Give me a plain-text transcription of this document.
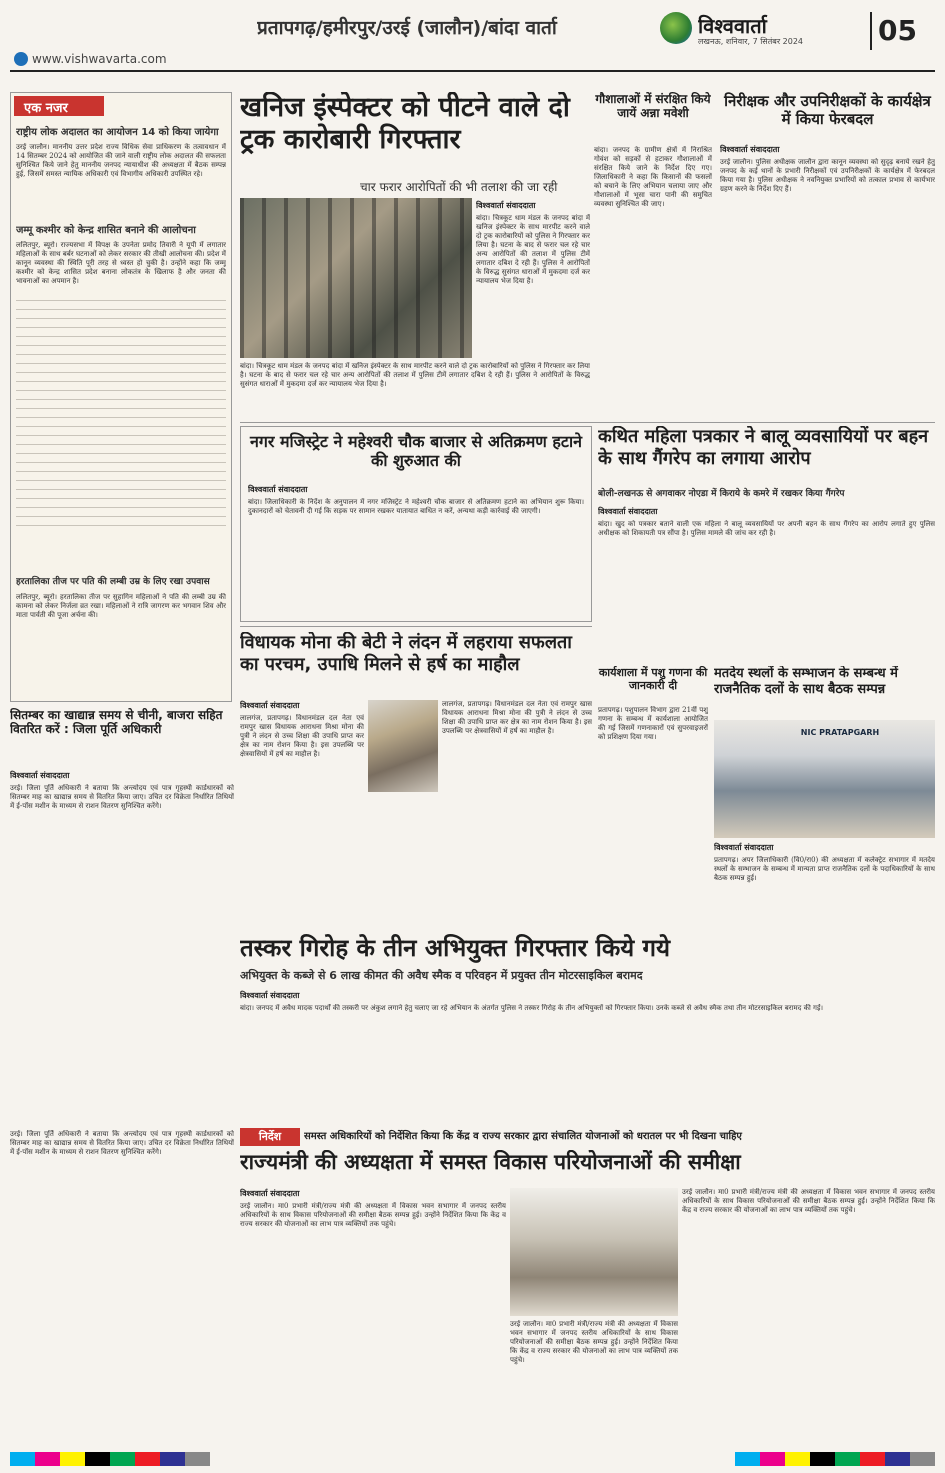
प्रतापगढ़/हमीरपुर/उरई (जालौन)/बांदा वार्ता	विश्ववार्ता
लखनऊ, शनिवार, 7 सितंबर 2024	05
www.vishwavarta.com
एक नजर
राष्ट्रीय लोक अदालत का आयोजन 14 को किया जायेगा
उरई जालौन। माननीय उत्तर प्रदेश राज्य विधिक सेवा प्राधिकरण के तत्वावधान में 14 सितम्बर 2024 को आयोजित की जाने वाली राष्ट्रीय लोक अदालत की सफलता सुनिश्चित किये जाने हेतु माननीय जनपद न्यायाधीश की अध्यक्षता में बैठक सम्पन्न हुई, जिसमें समस्त न्यायिक अधिकारी एवं विभागीय अधिकारी उपस्थित रहे।
जम्मू कश्मीर को केन्द्र शासित बनाने की आलोचना
ललितपुर, ब्यूरो। राज्यसभा में विपक्ष के उपनेता प्रमोद तिवारी ने यूपी में लगातार महिलाओं के साथ बर्बर घटनाओं को लेकर सरकार की तीखी आलोचना की। प्रदेश में कानून व्यवस्था की स्थिति पूरी तरह से ध्वस्त हो चुकी है। उन्होंने कहा कि जम्मू कश्मीर को केन्द्र शासित प्रदेश बनाना लोकतंत्र के खिलाफ है और जनता की भावनाओं का अपमान है।
हरतालिका तीज पर पति की लम्बी उम्र के लिए रखा उपवास
ललितपुर, ब्यूरो। हरतालिका तीज पर सुहागिन महिलाओं ने पति की लम्बी उम्र की कामना को लेकर निर्जला व्रत रखा। महिलाओं ने रात्रि जागरण कर भगवान शिव और माता पार्वती की पूजा अर्चना की।
खनिज इंस्पेक्टर को पीटने वाले दो ट्रक कारोबारी गिरफ्तार
चार फरार आरोपितों की भी तलाश की जा रही
विश्ववार्ता संवाददाता
बांदा। चित्रकूट धाम मंडल के जनपद बांदा में खनिज इंस्पेक्टर के साथ मारपीट करने वाले दो ट्रक कारोबारियों को पुलिस ने गिरफ्तार कर लिया है। घटना के बाद से फरार चल रहे चार अन्य आरोपितों की तलाश में पुलिस टीमें लगातार दबिश दे रही हैं। पुलिस ने आरोपितों के विरुद्ध सुसंगत धाराओं में मुकदमा दर्ज कर न्यायालय भेज दिया है।
बांदा। चित्रकूट धाम मंडल के जनपद बांदा में खनिज इंस्पेक्टर के साथ मारपीट करने वाले दो ट्रक कारोबारियों को पुलिस ने गिरफ्तार कर लिया है। घटना के बाद से फरार चल रहे चार अन्य आरोपितों की तलाश में पुलिस टीमें लगातार दबिश दे रही हैं। पुलिस ने आरोपितों के विरुद्ध सुसंगत धाराओं में मुकदमा दर्ज कर न्यायालय भेज दिया है।
गौशालाओं में संरक्षित किये जायें अन्ना मवेशी
बांदा। जनपद के ग्रामीण क्षेत्रों में निराश्रित गोवंश को सड़कों से हटाकर गौशालाओं में संरक्षित किये जाने के निर्देश दिए गए। जिलाधिकारी ने कहा कि किसानों की फसलों को बचाने के लिए अभियान चलाया जाए और गौशालाओं में भूसा चारा पानी की समुचित व्यवस्था सुनिश्चित की जाए।
निरीक्षक और उपनिरीक्षकों के कार्यक्षेत्र में किया फेरबदल
विश्ववार्ता संवाददाता
उरई जालौन। पुलिस अधीक्षक जालौन द्वारा कानून व्यवस्था को सुदृढ़ बनाये रखने हेतु जनपद के कई थानों के प्रभारी निरीक्षकों एवं उपनिरीक्षकों के कार्यक्षेत्र में फेरबदल किया गया है। पुलिस अधीक्षक ने नवनियुक्त प्रभारियों को तत्काल प्रभाव से कार्यभार ग्रहण करने के निर्देश दिए हैं।
नगर मजिस्ट्रेट ने महेश्वरी चौक बाजार से अतिक्रमण हटाने की शुरुआत की
विश्ववार्ता संवाददाता
बांदा। जिलाधिकारी के निर्देश के अनुपालन में नगर मजिस्ट्रेट ने महेश्वरी चौक बाजार से अतिक्रमण हटाने का अभियान शुरू किया। दुकानदारों को चेतावनी दी गई कि सड़क पर सामान रखकर यातायात बाधित न करें, अन्यथा कड़ी कार्रवाई की जाएगी।
कथित महिला पत्रकार ने बालू व्यवसायियों पर बहन के साथ गैंगरेप का लगाया आरोप
बोली-लखनऊ से अगवाकर नोएडा में किराये के कमरे में रखकर किया गैंगरेप
विश्ववार्ता संवाददाता
बांदा। खुद को पत्रकार बताने वाली एक महिला ने बालू व्यवसायियों पर अपनी बहन के साथ गैंगरेप का आरोप लगाते हुए पुलिस अधीक्षक को शिकायती पत्र सौंपा है। पुलिस मामले की जांच कर रही है।
विधायक मोना की बेटी ने लंदन में लहराया सफलता का परचम, उपाधि मिलने से हर्ष का माहौल
विश्ववार्ता संवाददाता
लालगंज, प्रतापगढ़। विधानमंडल दल नेता एवं रामपुर खास विधायक आराधना मिश्रा मोना की पुत्री ने लंदन से उच्च शिक्षा की उपाधि प्राप्त कर क्षेत्र का नाम रोशन किया है। इस उपलब्धि पर क्षेत्रवासियों में हर्ष का माहौल है।
लालगंज, प्रतापगढ़। विधानमंडल दल नेता एवं रामपुर खास विधायक आराधना मिश्रा मोना की पुत्री ने लंदन से उच्च शिक्षा की उपाधि प्राप्त कर क्षेत्र का नाम रोशन किया है। इस उपलब्धि पर क्षेत्रवासियों में हर्ष का माहौल है।
कार्यशाला में पशु गणना की जानकारी दी
प्रतापगढ़। पशुपालन विभाग द्वारा 21वीं पशु गणना के सम्बन्ध में कार्यशाला आयोजित की गई जिसमें गणनाकारों एवं सुपरवाइजरों को प्रशिक्षण दिया गया।
मतदेय स्थलों के सम्भाजन के सम्बन्ध में राजनैतिक दलों के साथ बैठक सम्पन्न
NIC PRATAPGARH
विश्ववार्ता संवाददाता
प्रतापगढ़। अपर जिलाधिकारी (वि0/रा0) की अध्यक्षता में कलेक्ट्रेट सभागार में मतदेय स्थलों के सम्भाजन के सम्बन्ध में मान्यता प्राप्त राजनैतिक दलों के पदाधिकारियों के साथ बैठक सम्पन्न हुई।
सितम्बर का खाद्यान्न समय से चीनी, बाजरा सहित वितरित करें : जिला पूर्ति अधिकारी
विश्ववार्ता संवाददाता
उरई। जिला पूर्ति अधिकारी ने बताया कि अन्त्योदय एवं पात्र गृहस्थी कार्डधारकों को सितम्बर माह का खाद्यान्न समय से वितरित किया जाए। उचित दर विक्रेता निर्धारित तिथियों में ई-पॉस मशीन के माध्यम से राशन वितरण सुनिश्चित करेंगे।
उरई। जिला पूर्ति अधिकारी ने बताया कि अन्त्योदय एवं पात्र गृहस्थी कार्डधारकों को सितम्बर माह का खाद्यान्न समय से वितरित किया जाए। उचित दर विक्रेता निर्धारित तिथियों में ई-पॉस मशीन के माध्यम से राशन वितरण सुनिश्चित करेंगे।
तस्कर गिरोह के तीन अभियुक्त गिरफ्तार किये गये
अभियुक्त के कब्जे से 6 लाख कीमत की अवैध स्मैक व परिवहन में प्रयुक्त तीन मोटरसाइकिल बरामद
विश्ववार्ता संवाददाता
बांदा। जनपद में अवैध मादक पदार्थों की तस्करी पर अंकुश लगाने हेतु चलाए जा रहे अभियान के अंतर्गत पुलिस ने तस्कर गिरोह के तीन अभियुक्तों को गिरफ्तार किया। उनके कब्जे से अवैध स्मैक तथा तीन मोटरसाइकिल बरामद की गईं।
निर्देश	समस्त अधिकारियों को निर्देशित किया कि केंद्र व राज्य सरकार द्वारा संचालित योजनाओं को धरातल पर भी दिखना चाहिए
राज्यमंत्री की अध्यक्षता में समस्त विकास परियोजनाओं की समीक्षा
विश्ववार्ता संवाददाता
उरई जालौन। मा0 प्रभारी मंत्री/राज्य मंत्री की अध्यक्षता में विकास भवन सभागार में जनपद स्तरीय अधिकारियों के साथ विकास परियोजनाओं की समीक्षा बैठक सम्पन्न हुई। उन्होंने निर्देशित किया कि केंद्र व राज्य सरकार की योजनाओं का लाभ पात्र व्यक्तियों तक पहुंचे।
उरई जालौन। मा0 प्रभारी मंत्री/राज्य मंत्री की अध्यक्षता में विकास भवन सभागार में जनपद स्तरीय अधिकारियों के साथ विकास परियोजनाओं की समीक्षा बैठक सम्पन्न हुई। उन्होंने निर्देशित किया कि केंद्र व राज्य सरकार की योजनाओं का लाभ पात्र व्यक्तियों तक पहुंचे।
उरई जालौन। मा0 प्रभारी मंत्री/राज्य मंत्री की अध्यक्षता में विकास भवन सभागार में जनपद स्तरीय अधिकारियों के साथ विकास परियोजनाओं की समीक्षा बैठक सम्पन्न हुई। उन्होंने निर्देशित किया कि केंद्र व राज्य सरकार की योजनाओं का लाभ पात्र व्यक्तियों तक पहुंचे।
